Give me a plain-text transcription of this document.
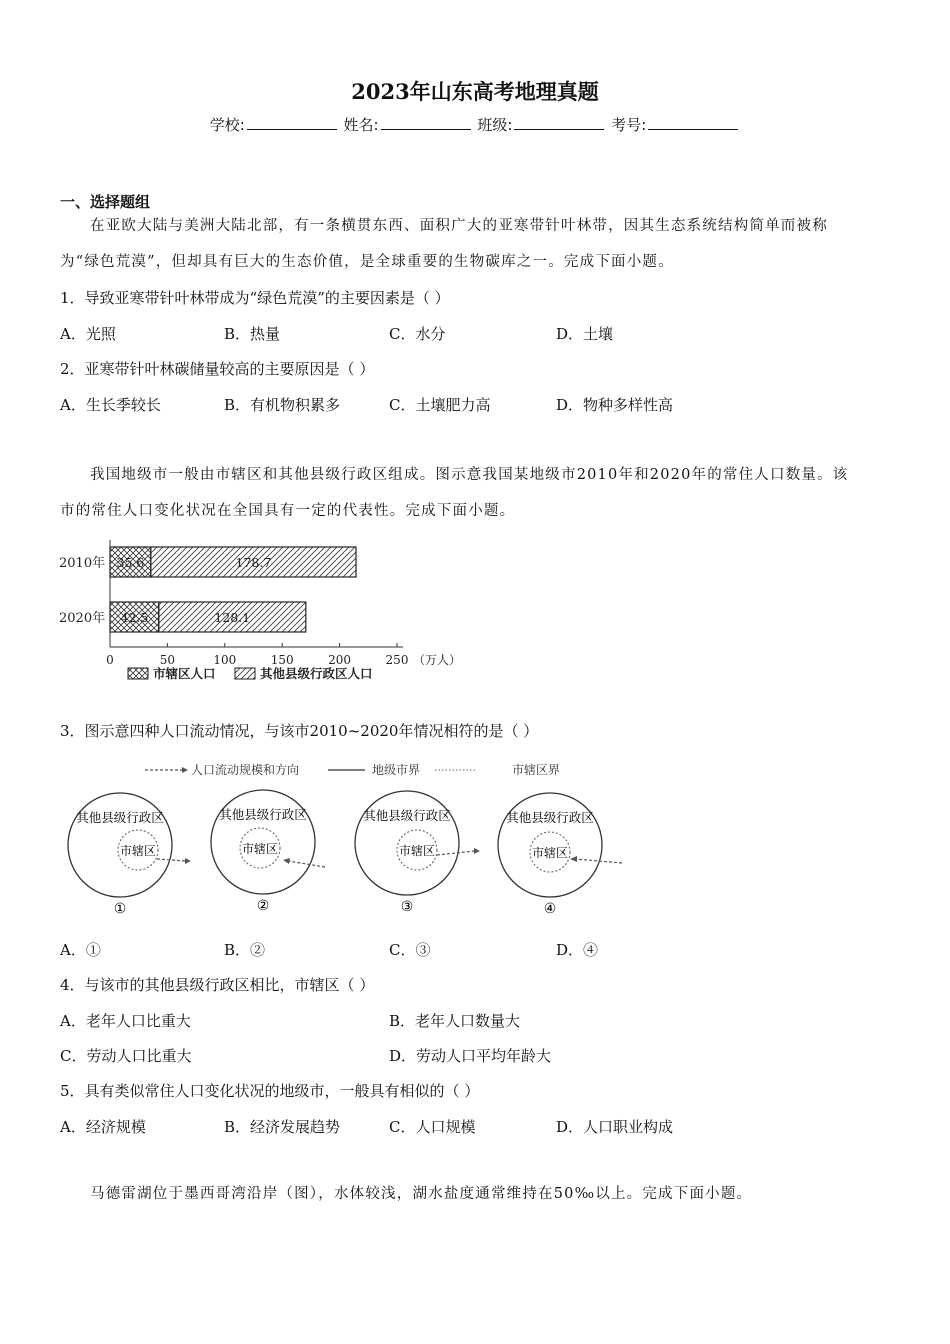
2023年山东高考地理真题
学校:	姓名:	班级:	考号:
一、选择题组
在亚欧大陆与美洲大陆北部，有一条横贯东西、面积广大的亚寒带针叶林带，因其生态系统结构简单而被称
为“绿色荒漠”，但却具有巨大的生态价值，是全球重要的生物碳库之一。完成下面小题。
1．导致亚寒带针叶林带成为“绿色荒漠”的主要因素是（ ）
A．光照	B．热量	C．水分	D．土壤
2．亚寒带针叶林碳储量较高的主要原因是（ ）
A．生长季较长	B．有机物积累多	C．土壤肥力高	D．物种多样性高
我国地级市一般由市辖区和其他县级行政区组成。图示意我国某地级市2010年和2020年的常住人口数量。该
市的常住人口变化状况在全国具有一定的代表性。完成下面小题。
0	50	100	150	200	250 （万人）
2010年 35.6	178.7
2020年 42.5	128.1
市辖区人口	其他县级行政区人口
3．图示意四种人口流动情况，与该市2010~2020年情况相符的是（ ）
人口流动规模和方向	地级市界	市辖区界
其他县级行政区
市辖区
①
其他县级行政区
市辖区
②
其他县级行政区
市辖区
③
其他县级行政区
市辖区
④
A．①	B．②	C．③	D．④
4．与该市的其他县级行政区相比，市辖区（ ）
A．老年人口比重大	B．老年人口数量大
C．劳动人口比重大	D．劳动人口平均年龄大
5．具有类似常住人口变化状况的地级市，一般具有相似的（ ）
A．经济规模	B．经济发展趋势	C．人口规模	D．人口职业构成
马德雷湖位于墨西哥湾沿岸（图），水体较浅，湖水盐度通常维持在50‰以上。完成下面小题。
